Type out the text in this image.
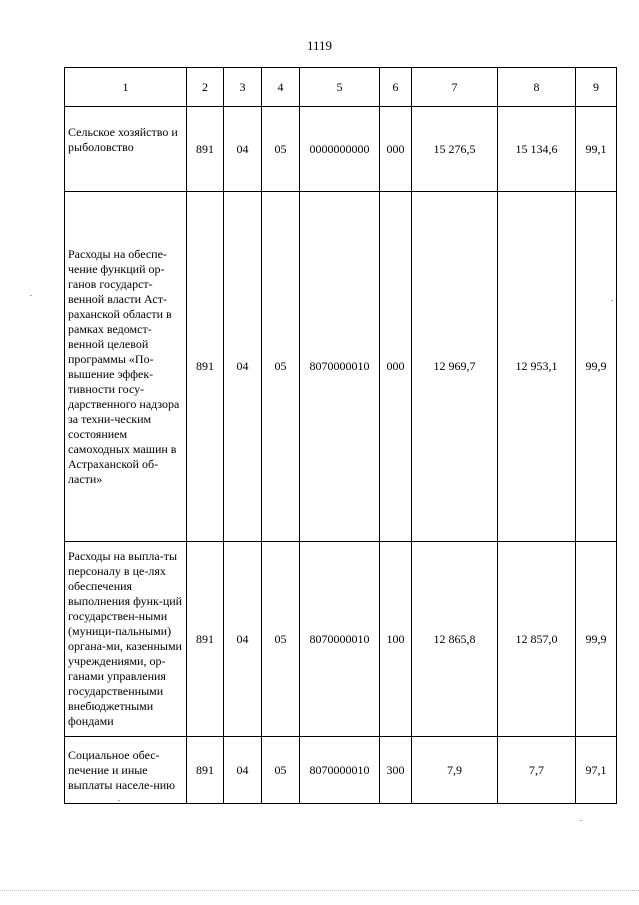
1119
1	2	3	4	5	6	7	8	9
Сельское хозяйство и рыболовство	891	04	05	0000000000	000	15 276,5	15 134,6	99,1
Расходы на обеспе-чение функций ор-ганов государст-венной власти Аст-раханской области в рамках ведомст-венной целевой программы «По-вышение эффек-тивности госу-дарственного надзора за техни-ческим состоянием самоходных машин в Астраханской об-ласти»	891	04	05	8070000010	000	12 969,7	12 953,1	99,9
Расходы на выпла-ты персоналу в це-лях обеспечения выполнения функ-ций государствен-ными (муници-пальными) органа-ми, казенными учреждениями, ор-ганами управления государственными внебюджетными фондами	891	04	05	8070000010	100	12 865,8	12 857,0	99,9
Социальное обес-печение и иные выплаты населе-нию	891	04	05	8070000010	300	7,9	7,7	97,1
